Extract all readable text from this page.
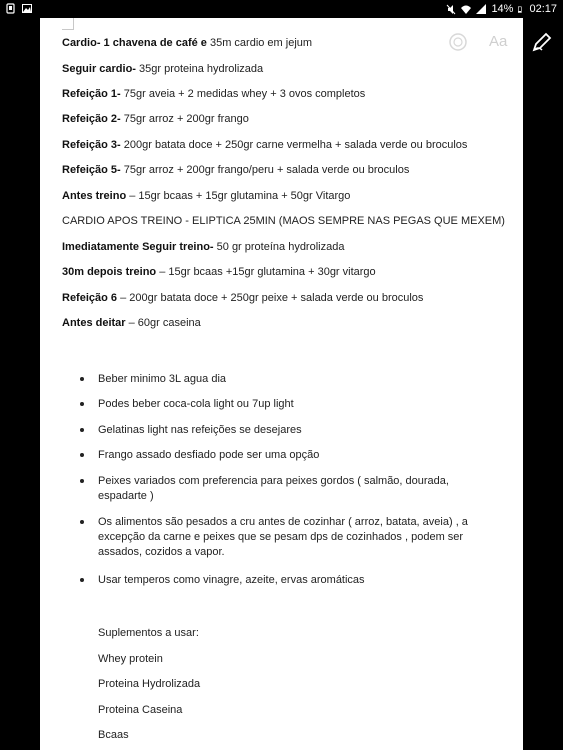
14% 02:17
Aa
Cardio- 1 chavena de café e 35m cardio em jejum
Seguir cardio- 35gr proteina hydrolizada
Refeição 1- 75gr aveia + 2 medidas whey + 3 ovos completos
Refeição 2- 75gr arroz + 200gr frango
Refeição 3- 200gr batata doce + 250gr carne vermelha + salada verde ou broculos
Refeição 5- 75gr arroz + 200gr frango/peru + salada verde ou broculos
Antes treino – 15gr bcaas + 15gr glutamina + 50gr Vitargo
CARDIO APOS TREINO - ELIPTICA 25MIN (MAOS SEMPRE NAS PEGAS QUE MEXEM)
Imediatamente Seguir treino- 50 gr proteína hydrolizada
30m depois treino – 15gr bcaas +15gr glutamina + 30gr vitargo
Refeição 6 – 200gr batata doce + 250gr peixe + salada verde ou broculos
Antes deitar – 60gr caseina
Beber minimo 3L agua dia
Podes beber coca-cola light ou 7up light
Gelatinas light nas refeições se desejares
Frango assado desfiado pode ser uma opção
Peixes variados com preferencia para peixes gordos ( salmão, dourada, espadarte )
Os alimentos são pesados a cru antes de cozinhar ( arroz, batata, aveia) , a excepção da carne e peixes que se pesam dps de cozinhados , podem ser assados, cozidos a vapor.
Usar temperos como vinagre, azeite, ervas aromáticas
Suplementos a usar:
Whey protein
Proteina Hydrolizada
Proteina Caseina
Bcaas
